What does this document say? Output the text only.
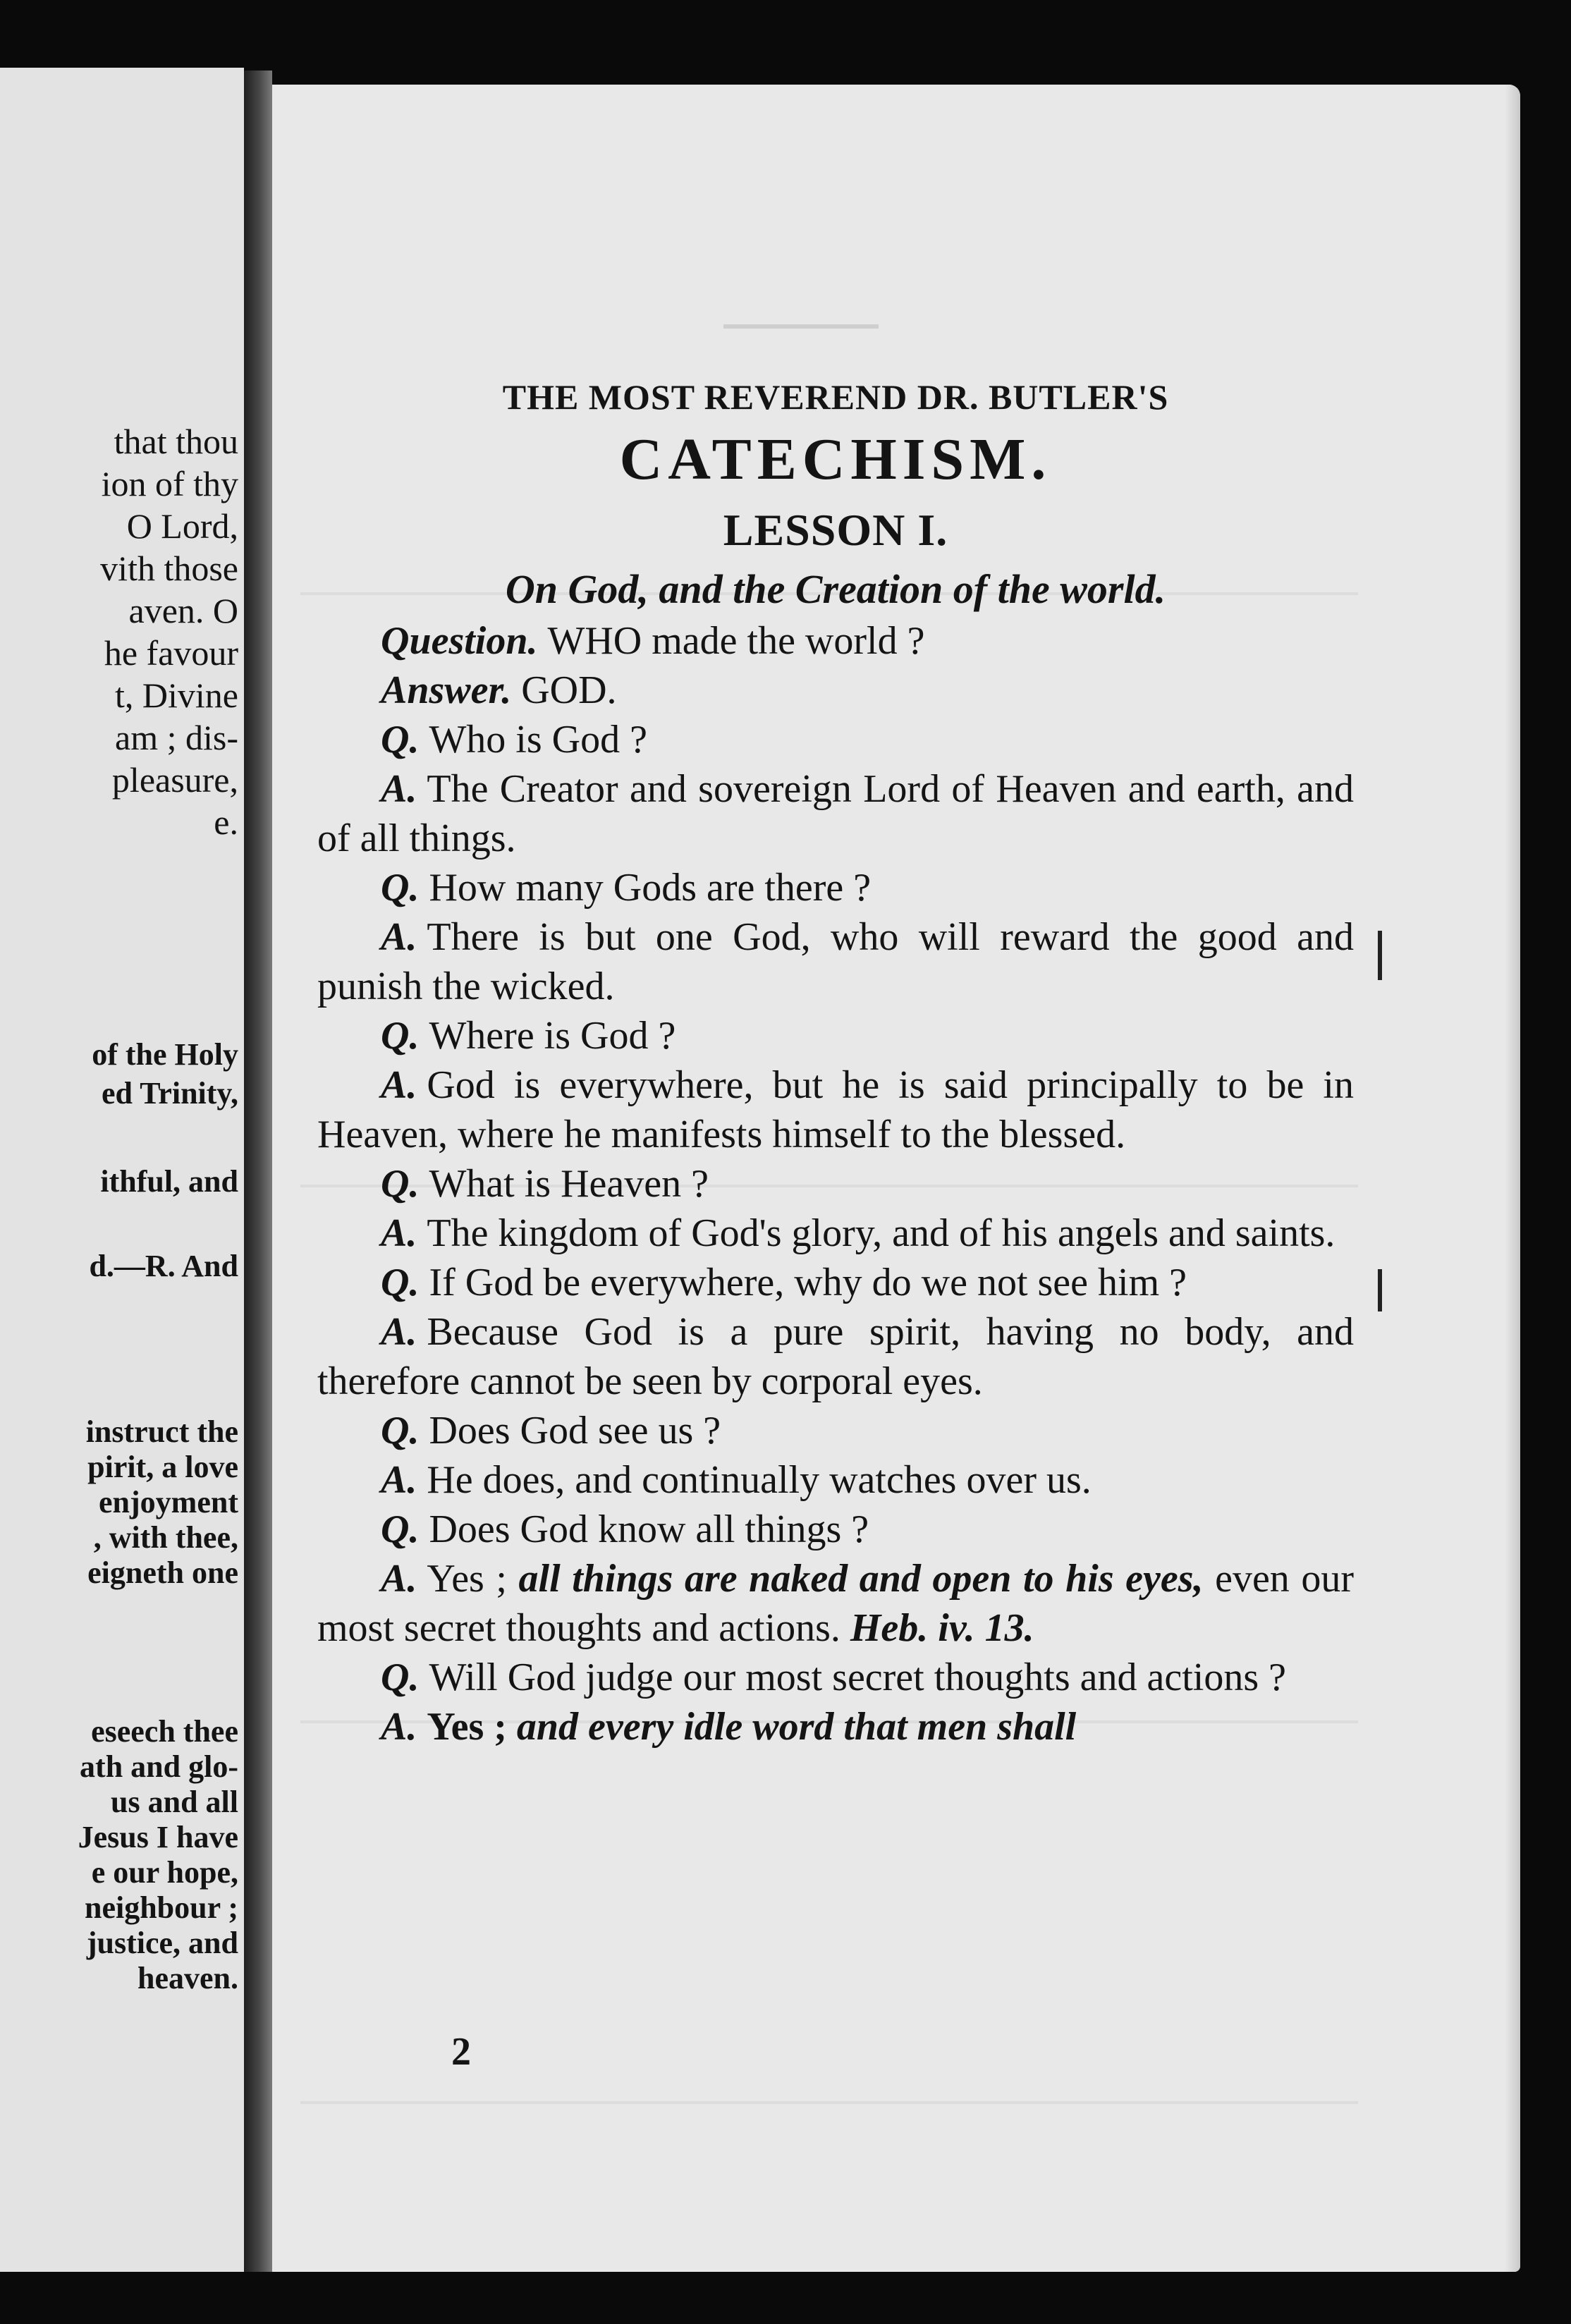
that thou
ion of thy
O Lord,
vith those
aven. O
he favour
t, Divine
am ; dis-
pleasure,
e.
of the Holy
ed Trinity,
ithful, and
d.—R. And
instruct the
pirit, a love
enjoyment
, with thee,
eigneth one
eseech thee
ath and glo-
us and all
Jesus I have
e our hope,
neighbour ;
justice, and
heaven.
THE MOST REVEREND DR. BUTLER'S
CATECHISM.
LESSON I.
On God, and the Creation of the world.

Question. WHO made the world ?

Answer. GOD.

Q. Who is God ?

A. The Creator and sovereign Lord of Heaven and earth, and of all things.

Q. How many Gods are there ?

A. There is but one God, who will reward the good and punish the wicked.

Q. Where is God ?

A. God is everywhere, but he is said principally to be in Heaven, where he manifests himself to the blessed.

Q. What is Heaven ?

A. The kingdom of God's glory, and of his angels and saints.

Q. If God be everywhere, why do we not see him ?

A. Because God is a pure spirit, having no body, and therefore cannot be seen by corporal eyes.

Q. Does God see us ?

A. He does, and continually watches over us.

Q. Does God know all things ?

A. Yes ; all things are naked and open to his eyes, even our most secret thoughts and actions. Heb. iv. 13.

Q. Will God judge our most secret thoughts and actions ?

A. Yes ; and every idle word that men shall

2
